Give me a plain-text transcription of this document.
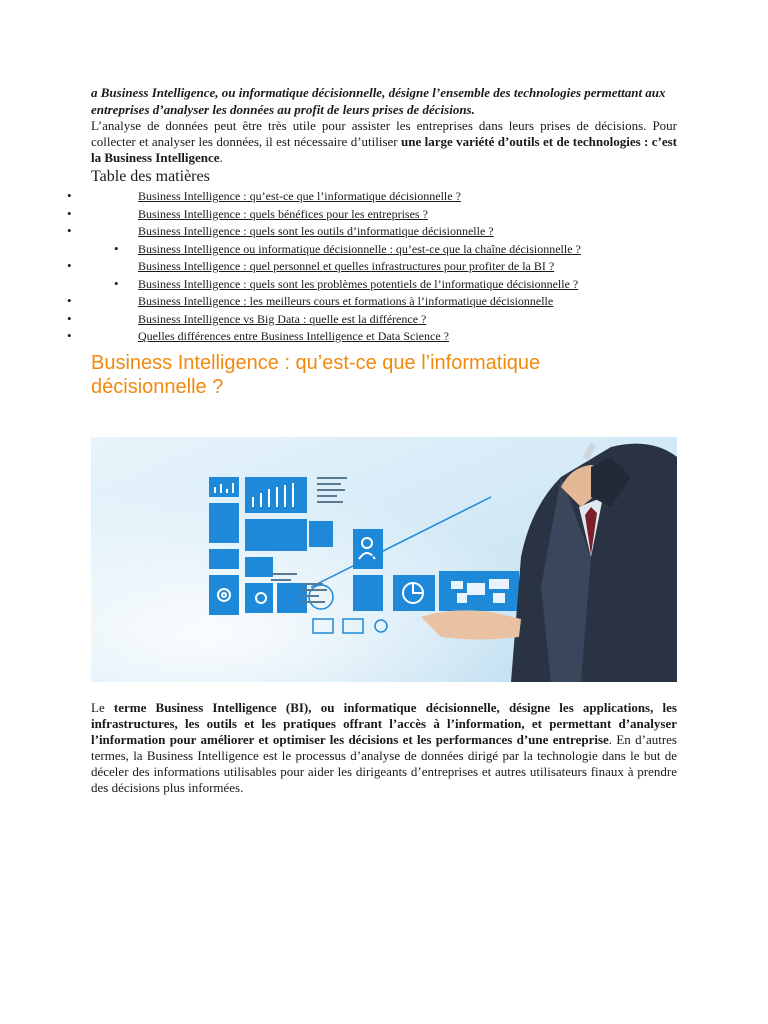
a Business Intelligence, ou informatique décisionnelle, désigne l’ensemble des technologies permettant aux entreprises d’analyser les données au profit de leurs prises de décisions.

L’analyse de données peut être très utile pour assister les entreprises dans leurs prises de décisions. Pour collecter et analyser les données, il est nécessaire d’utiliser une large variété d’outils et de technologies : c’est la Business Intelligence.

Table des matières
• Business Intelligence : qu’est-ce que l’informatique décisionnelle ?
• Business Intelligence : quels bénéfices pour les entreprises ?
• Business Intelligence : quels sont les outils d’informatique décisionnelle ?
• Business Intelligence ou informatique décisionnelle : qu’est-ce que la chaîne décisionnelle ?
• Business Intelligence : quel personnel et quelles infrastructures pour profiter de la BI ?
• Business Intelligence : quels sont les problèmes potentiels de l’informatique décisionnelle ?
• Business Intelligence : les meilleurs cours et formations à l’informatique décisionnelle
• Business Intelligence vs Big Data : quelle est la différence ?
• Quelles différences entre Business Intelligence et Data Science ?
Business Intelligence : qu’est-ce que l’informatique
décisionnelle ?

Le terme Business Intelligence (BI), ou informatique décisionnelle, désigne les applications, les infrastructures, les outils et les pratiques offrant l’accès à l’information, et permettant d’analyser l’information pour améliorer et optimiser les décisions et les performances d’une entreprise. En d’autres termes, la Business Intelligence est le processus d’analyse de données dirigé par la technologie dans le but de déceler des informations utilisables pour aider les dirigeants d’entreprises et autres utilisateurs finaux à prendre des décisions plus informées.
